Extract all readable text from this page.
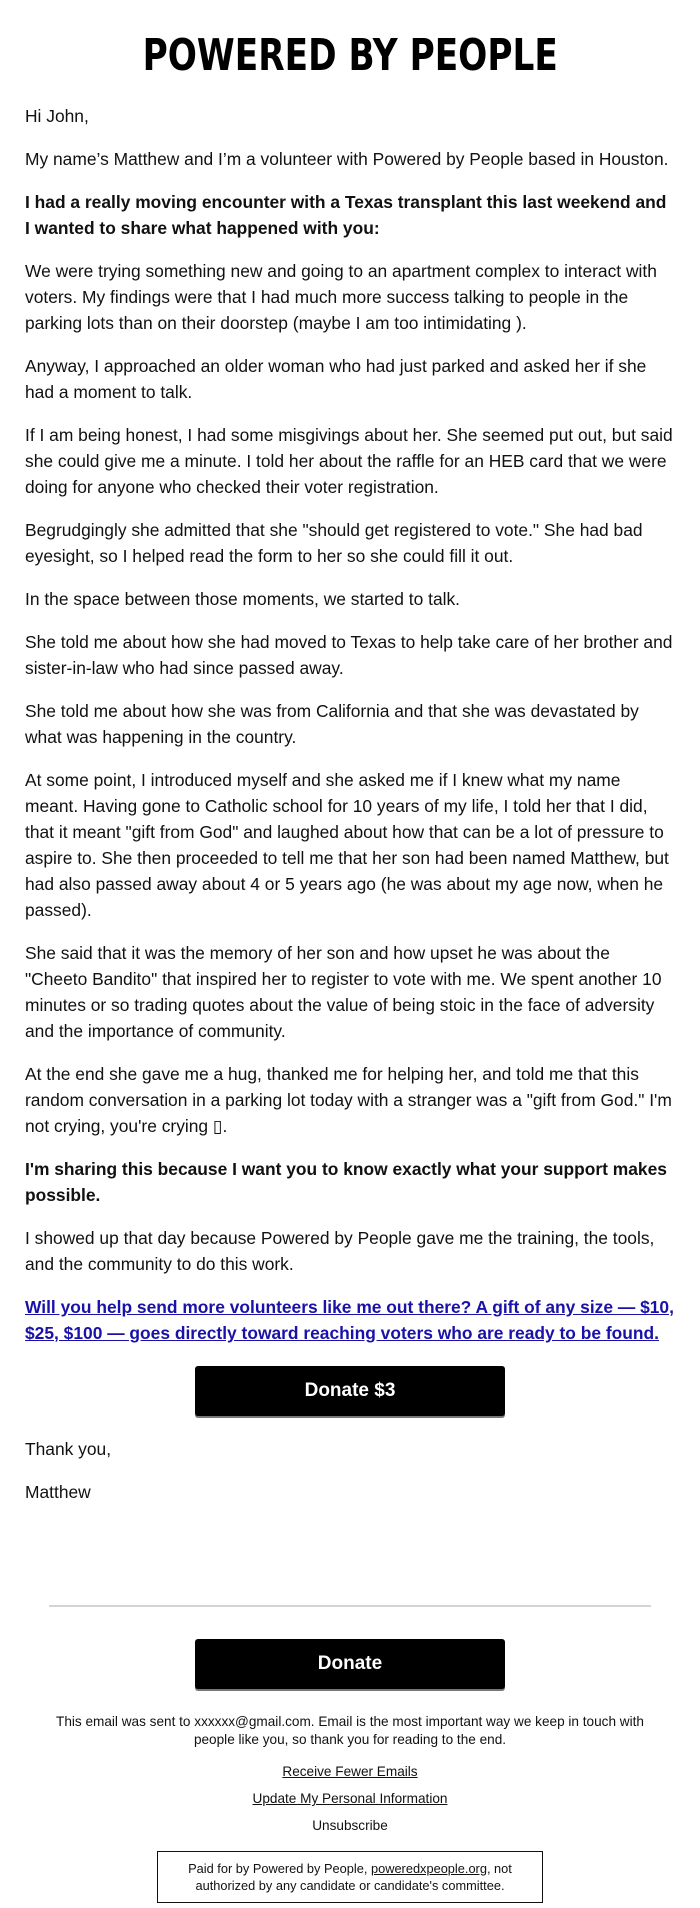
POWERED BY PEOPLE

Hi John,

My name’s Matthew and I’m a volunteer with Powered by People based in Houston.

I had a really moving encounter with a Texas transplant this last weekend and I wanted to share what happened with you:

We were trying something new and going to an apartment complex to interact with voters. My findings were that I had much more success talking to people in the parking lots than on their doorstep (maybe I am too intimidating ).

Anyway, I approached an older woman who had just parked and asked her if she had a moment to talk.

If I am being honest, I had some misgivings about her. She seemed put out, but said she could give me a minute. I told her about the raffle for an HEB card that we were doing for anyone who checked their voter registration.

Begrudgingly she admitted that she "should get registered to vote." She had bad eyesight, so I helped read the form to her so she could fill it out.

In the space between those moments, we started to talk.

She told me about how she had moved to Texas to help take care of her brother and sister-in-law who had since passed away.

She told me about how she was from California and that she was devastated by what was happening in the country.

At some point, I introduced myself and she asked me if I knew what my name meant. Having gone to Catholic school for 10 years of my life, I told her that I did, that it meant "gift from God" and laughed about how that can be a lot of pressure to aspire to. She then proceeded to tell me that her son had been named Matthew, but had also passed away about 4 or 5 years ago (he was about my age now, when he passed).

She said that it was the memory of her son and how upset he was about the "Cheeto Bandito" that inspired her to register to vote with me. We spent another 10 minutes or so trading quotes about the value of being stoic in the face of adversity and the importance of community.

At the end she gave me a hug, thanked me for helping her, and told me that this random conversation in a parking lot today with a stranger was a "gift from God." I'm not crying, you're crying ▯.

I'm sharing this because I want you to know exactly what your support makes possible.

I showed up that day because Powered by People gave me the training, the tools, and the community to do this work.

Will you help send more volunteers like me out there? A gift of any size — $10, $25, $100 — goes directly toward reaching voters who are ready to be found.

Donate $3

Thank you,

Matthew

Donate
This email was sent to xxxxxx@gmail.com. Email is the most important way we keep in touch with people like you, so thank you for reading to the end.
Receive Fewer Emails
Update My Personal Information
Unsubscribe
Paid for by Powered by People, poweredxpeople.org, not authorized by any candidate or candidate's committee.
